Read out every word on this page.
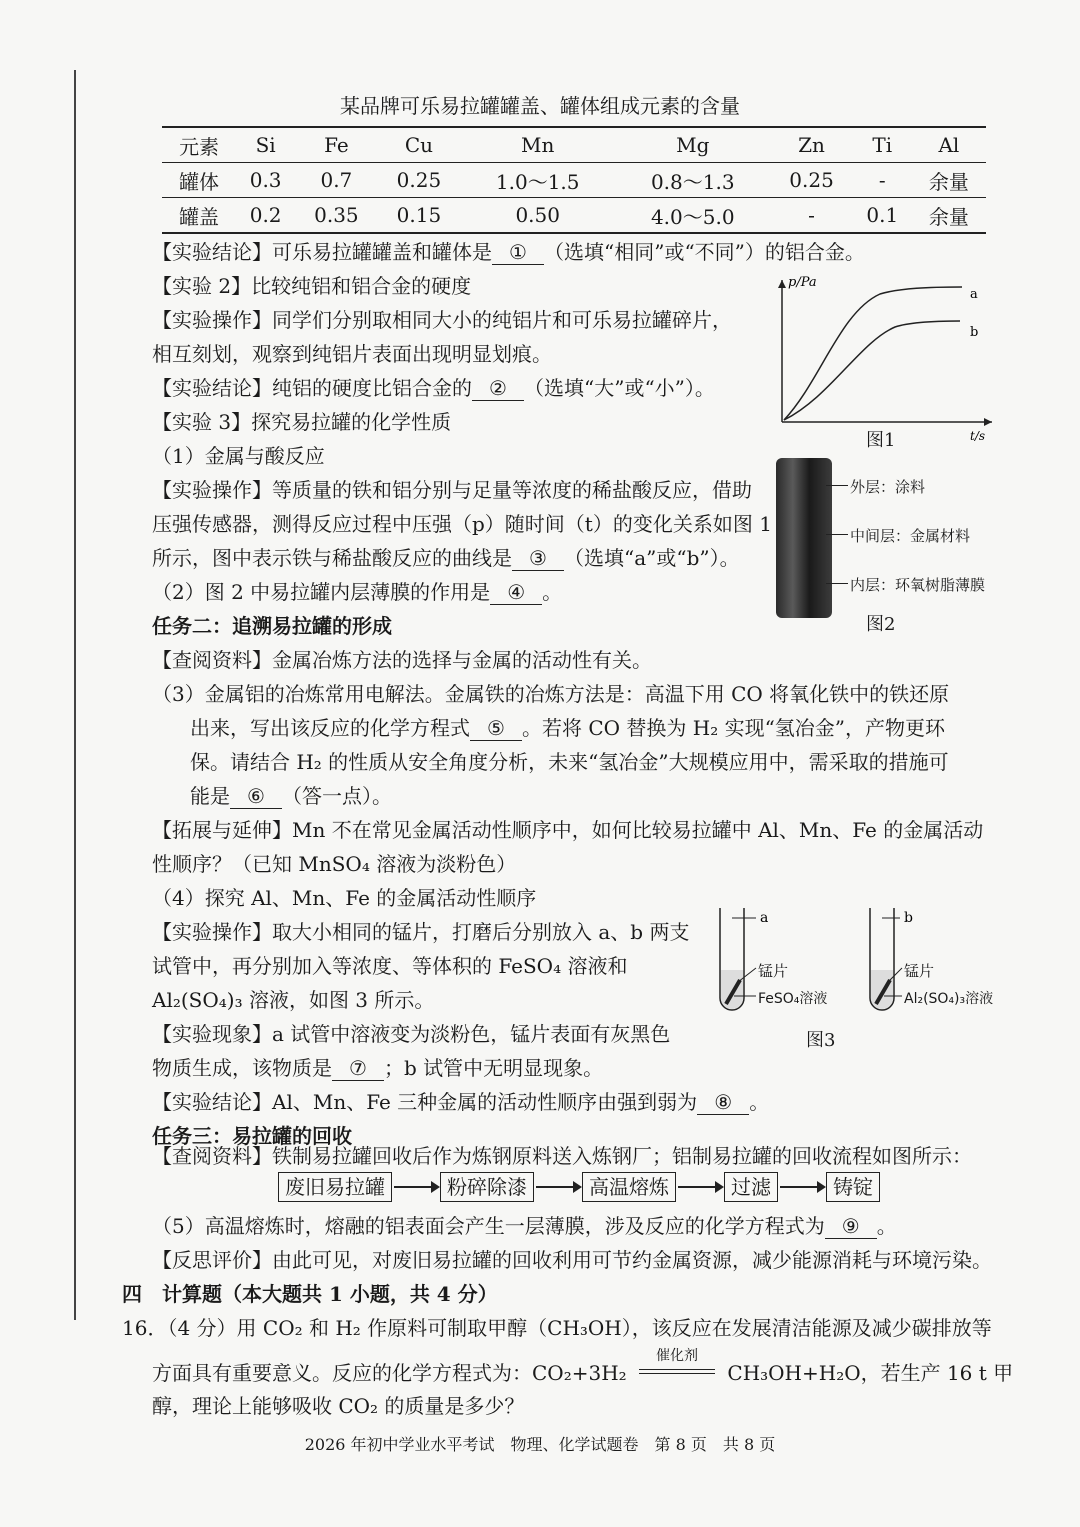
某品牌可乐易拉罐罐盖、罐体组成元素的含量
元素	Si	Fe	Cu	Mn	Mg	Zn	Ti	Al
罐体	0.3	0.7	0.25	1.0～1.5	0.8～1.3	0.25	-	余量
罐盖	0.2	0.35	0.15	0.50	4.0～5.0	-	0.1	余量
【实验结论】可乐易拉罐罐盖和罐体是 ① （选填“相同”或“不同”）的铝合金。
【实验 2】比较纯铝和铝合金的硬度
【实验操作】同学们分别取相同大小的纯铝片和可乐易拉罐碎片，
相互刻划，观察到纯铝片表面出现明显划痕。
【实验结论】纯铝的硬度比铝合金的 ② （选填“大”或“小”）。
【实验 3】探究易拉罐的化学性质
（1）金属与酸反应
【实验操作】等质量的铁和铝分别与足量等浓度的稀盐酸反应，借助
压强传感器，测得反应过程中压强（p）随时间（t）的变化关系如图 1
所示，图中表示铁与稀盐酸反应的曲线是 ③ （选填“a”或“b”）。
（2）图 2 中易拉罐内层薄膜的作用是 ④ 。
任务二：追溯易拉罐的形成
【查阅资料】金属冶炼方法的选择与金属的活动性有关。
（3）金属铝的冶炼常用电解法。金属铁的冶炼方法是：高温下用 CO 将氧化铁中的铁还原
出来，写出该反应的化学方程式 ⑤ 。若将 CO 替换为 H₂ 实现“氢冶金”，产物更环
保。请结合 H₂ 的性质从安全角度分析，未来“氢冶金”大规模应用中，需采取的措施可
能是 ⑥ （答一点）。
【拓展与延伸】Mn 不在常见金属活动性顺序中，如何比较易拉罐中 Al、Mn、Fe 的金属活动
性顺序？（已知 MnSO₄ 溶液为淡粉色）
（4）探究 Al、Mn、Fe 的金属活动性顺序
【实验操作】取大小相同的锰片，打磨后分别放入 a、b 两支
试管中，再分别加入等浓度、等体积的 FeSO₄ 溶液和
Al₂(SO₄)₃ 溶液，如图 3 所示。
【实验现象】a 试管中溶液变为淡粉色，锰片表面有灰黑色
物质生成，该物质是 ⑦ ；b 试管中无明显现象。
【实验结论】Al、Mn、Fe 三种金属的活动性顺序由强到弱为 ⑧ 。
任务三：易拉罐的回收
【查阅资料】铁制易拉罐回收后作为炼钢原料送入炼钢厂；铝制易拉罐的回收流程如图所示：
废旧易拉罐	粉碎除漆	高温熔炼	过滤	铸锭
（5）高温熔炼时，熔融的铝表面会产生一层薄膜，涉及反应的化学方程式为 ⑨ 。
【反思评价】由此可见，对废旧易拉罐的回收利用可节约金属资源，减少能源消耗与环境污染。
四　计算题（本大题共 1 小题，共 4 分）
16．（4 分）用 CO₂ 和 H₂ 作原料可制取甲醇（CH₃OH），该反应在发展清洁能源及减少碳排放等
方面具有重要意义。反应的化学方程式为：CO₂+3H₂
催化剂
CH₃OH+H₂O，若生产 16 t 甲
醇，理论上能够吸收 CO₂ 的质量是多少？
2026 年初中学业水平考试　物理、化学试题卷　第 8 页　共 8 页
p/Pa
t/s
a
b
图1
外层：涂料
中间层：金属材料
内层：环氧树脂薄膜
图2
a	b
锰片
FeSO₄溶液
锰片
Al₂(SO₄)₃溶液
图3
